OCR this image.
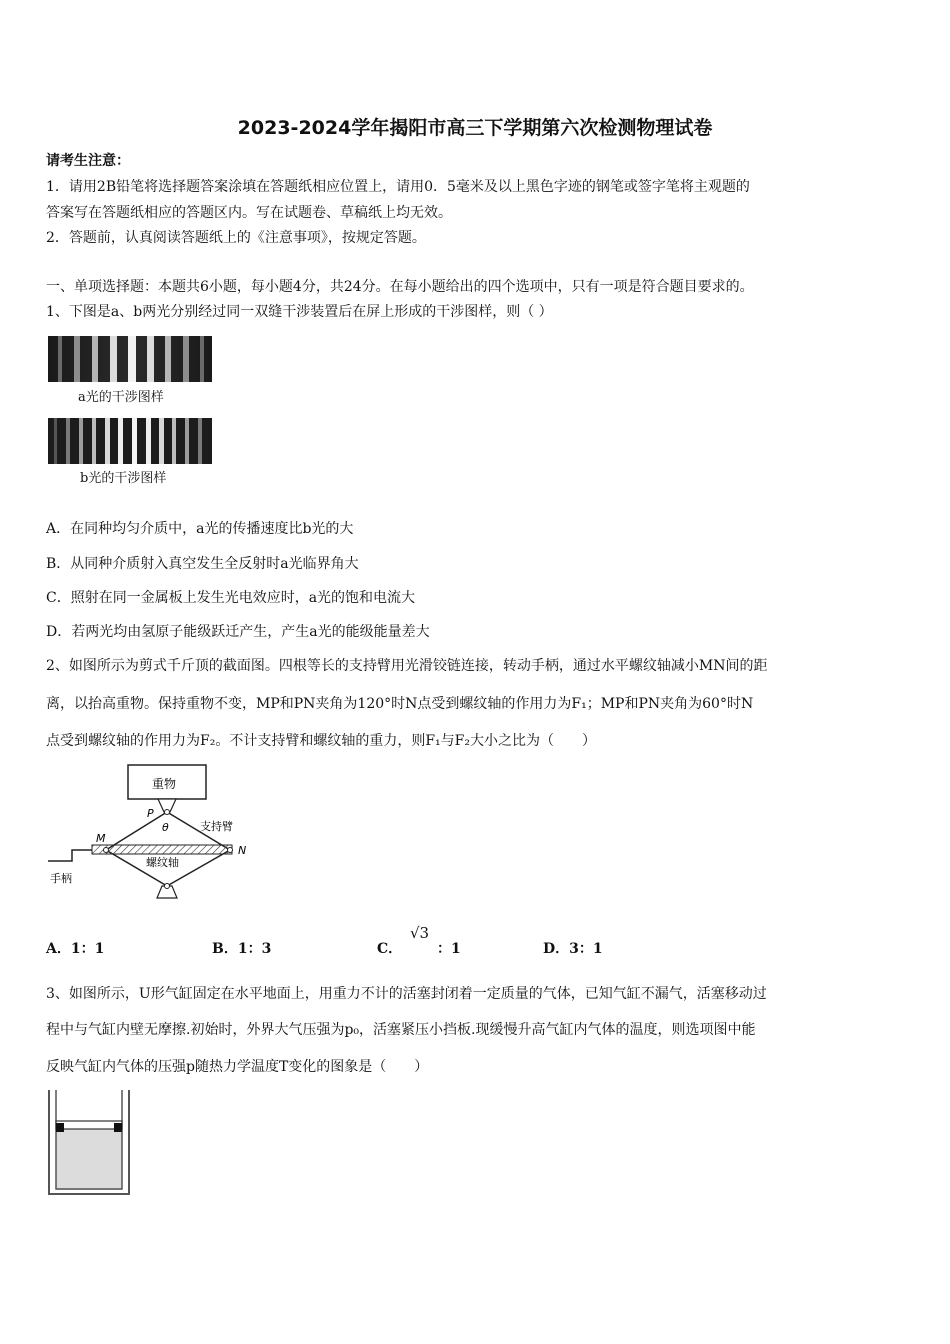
2023-2024学年揭阳市高三下学期第六次检测物理试卷
请考生注意：
1．请用2B铅笔将选择题答案涂填在答题纸相应位置上，请用0．5毫米及以上黑色字迹的钢笔或签字笔将主观题的
答案写在答题纸相应的答题区内。写在试题卷、草稿纸上均无效。
2．答题前，认真阅读答题纸上的《注意事项》，按规定答题。
一、单项选择题：本题共6小题，每小题4分，共24分。在每小题给出的四个选项中，只有一项是符合题目要求的。
1、下图是a、b两光分别经过同一双缝干涉装置后在屏上形成的干涉图样，则（ ）
a光的干涉图样
b光的干涉图样
A．在同种均匀介质中，a光的传播速度比b光的大
B．从同种介质射入真空发生全反射时a光临界角大
C．照射在同一金属板上发生光电效应时，a光的饱和电流大
D．若两光均由氢原子能级跃迁产生，产生a光的能级能量差大
2、如图所示为剪式千斤顶的截面图。四根等长的支持臂用光滑铰链连接，转动手柄，通过水平螺纹轴减小MN间的距
离，以抬高重物。保持重物不变，MP和PN夹角为120°时N点受到螺纹轴的作用力为F₁；MP和PN夹角为60°时N
点受到螺纹轴的作用力为F₂。不计支持臂和螺纹轴的重力，则F₁与F₂大小之比为（　　）
重物
P
θ	支持臂
M
N
螺纹轴
手柄
A．1：1	B．1：3	C．
√3
：1	D．3：1
3、如图所示，U形气缸固定在水平地面上，用重力不计的活塞封闭着一定质量的气体，已知气缸不漏气，活塞移动过
程中与气缸内壁无摩擦.初始时，外界大气压强为p₀，活塞紧压小挡板.现缓慢升高气缸内气体的温度，则选项图中能
反映气缸内气体的压强p随热力学温度T变化的图象是（　　）
